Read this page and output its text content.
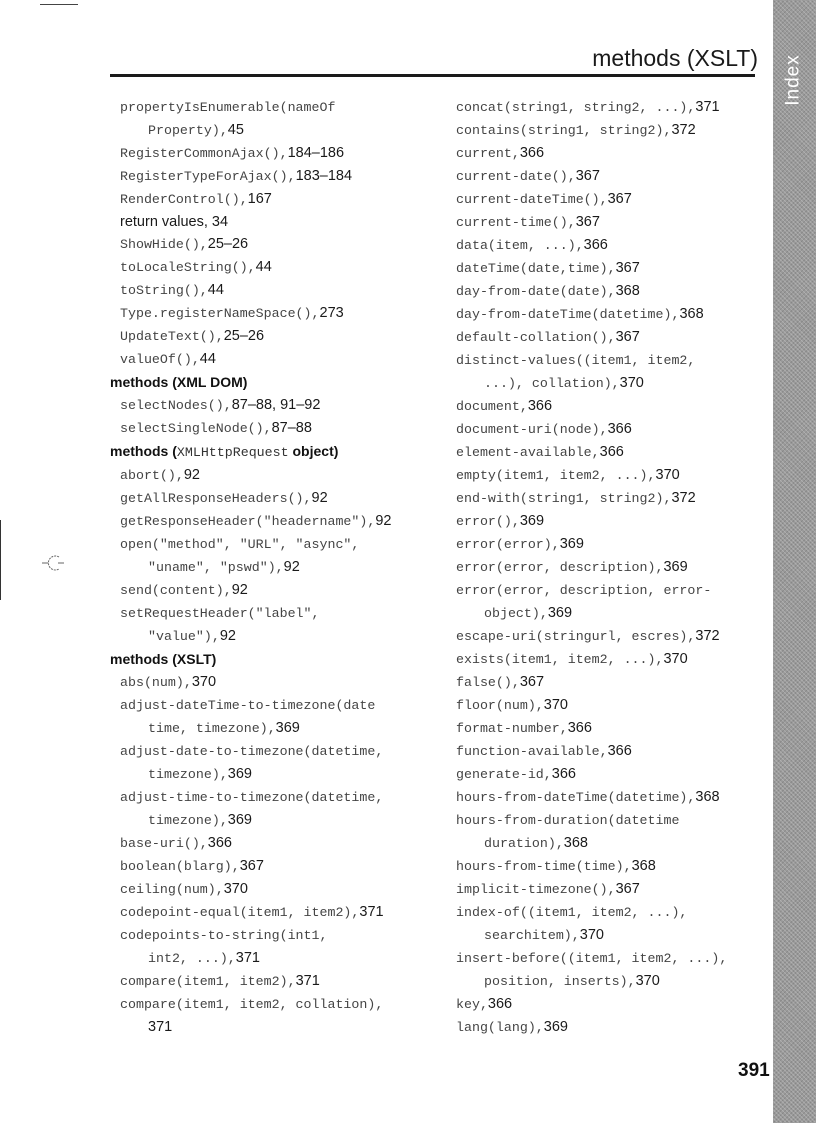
Index
methods (XSLT)
propertyIsEnumerable(nameOf
Property),45
RegisterCommonAjax(),184–186
RegisterTypeForAjax(),183–184
RenderControl(),167
return values, 34
ShowHide(),25–26
toLocaleString(),44
toString(),44
Type.registerNameSpace(),273
UpdateText(),25–26
valueOf(),44
methods (XML DOM)
selectNodes(),87–88, 91–92
selectSingleNode(),87–88
methods (XMLHttpRequest object)
abort(),92
getAllResponseHeaders(),92
getResponseHeader("headername"),92
open("method", "URL", "async",
"uname", "pswd"),92
send(content),92
setRequestHeader("label",
"value"),92
methods (XSLT)
abs(num),370
adjust-dateTime-to-timezone(date
time, timezone),369
adjust-date-to-timezone(datetime,
timezone),369
adjust-time-to-timezone(datetime,
timezone),369
base-uri(),366
boolean(blarg),367
ceiling(num),370
codepoint-equal(item1, item2),371
codepoints-to-string(int1,
int2, ...),371
compare(item1, item2),371
compare(item1, item2, collation),
371
concat(string1, string2, ...),371
contains(string1, string2),372
current,366
current-date(),367
current-dateTime(),367
current-time(),367
data(item, ...),366
dateTime(date,time),367
day-from-date(date),368
day-from-dateTime(datetime),368
default-collation(),367
distinct-values((item1, item2,
...), collation),370
document,366
document-uri(node),366
element-available,366
empty(item1, item2, ...),370
end-with(string1, string2),372
error(),369
error(error),369
error(error, description),369
error(error, description, error-
object),369
escape-uri(stringurl, escres),372
exists(item1, item2, ...),370
false(),367
floor(num),370
format-number,366
function-available,366
generate-id,366
hours-from-dateTime(datetime),368
hours-from-duration(datetime
duration),368
hours-from-time(time),368
implicit-timezone(),367
index-of((item1, item2, ...),
searchitem),370
insert-before((item1, item2, ...),
position, inserts),370
key,366
lang(lang),369
391
